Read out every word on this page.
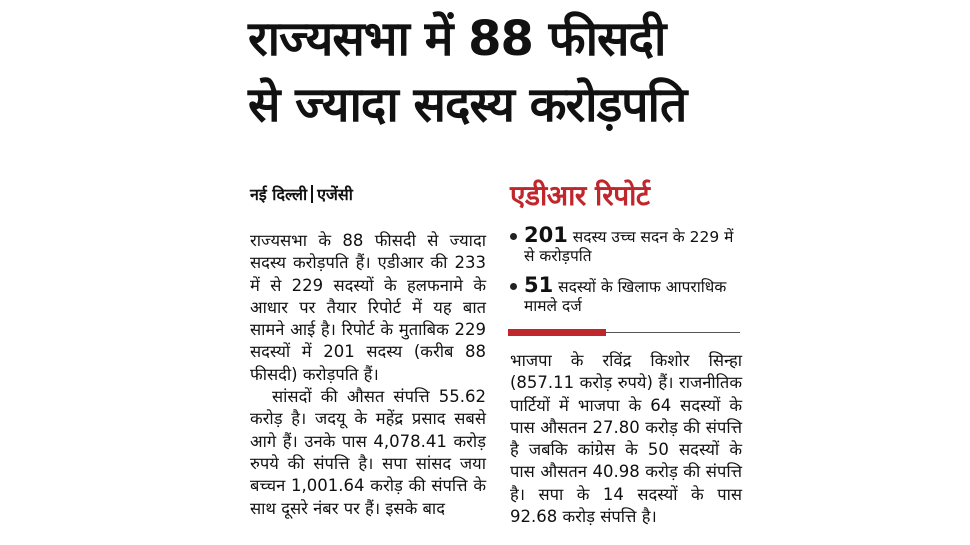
राज्यसभा में 88 फीसदी
से ज्यादा सदस्य करोड़पति
नई दिल्ली एजेंसी

राज्यसभा के 88 फीसदी से ज्यादा सदस्य करोड़पति हैं। एडीआर की 233 में से 229 सदस्यों के हलफनामे के आधार पर तैयार रिपोर्ट में यह बात सामने आई है। रिपोर्ट के मुताबिक 229 सदस्यों में 201 सदस्य (करीब 88 फीसदी) करोड़पति हैं।

सांसदों की औसत संपत्ति 55.62 करोड़ है। जदयू के महेंद्र प्रसाद सबसे आगे हैं। उनके पास 4,078.41 करोड़ रुपये की संपत्ति है। सपा सांसद जया बच्चन 1,001.64 करोड़ की संपत्ति के साथ दूसरे नंबर पर हैं। इसके बाद

एडीआर रिपोर्ट
201 सदस्य उच्च सदन के 229 में से करोड़पति
51 सदस्यों के खिलाफ आपराधिक मामले दर्ज

भाजपा के रविंद्र किशोर सिन्हा (857.11 करोड़ रुपये) हैं। राजनीतिक पार्टियों में भाजपा के 64 सदस्यों के पास औसतन 27.80 करोड़ की संपत्ति है जबकि कांग्रेस के 50 सदस्यों के पास औसतन 40.98 करोड़ की संपत्ति है। सपा के 14 सदस्यों के पास 92.68 करोड़ संपत्ति है।
